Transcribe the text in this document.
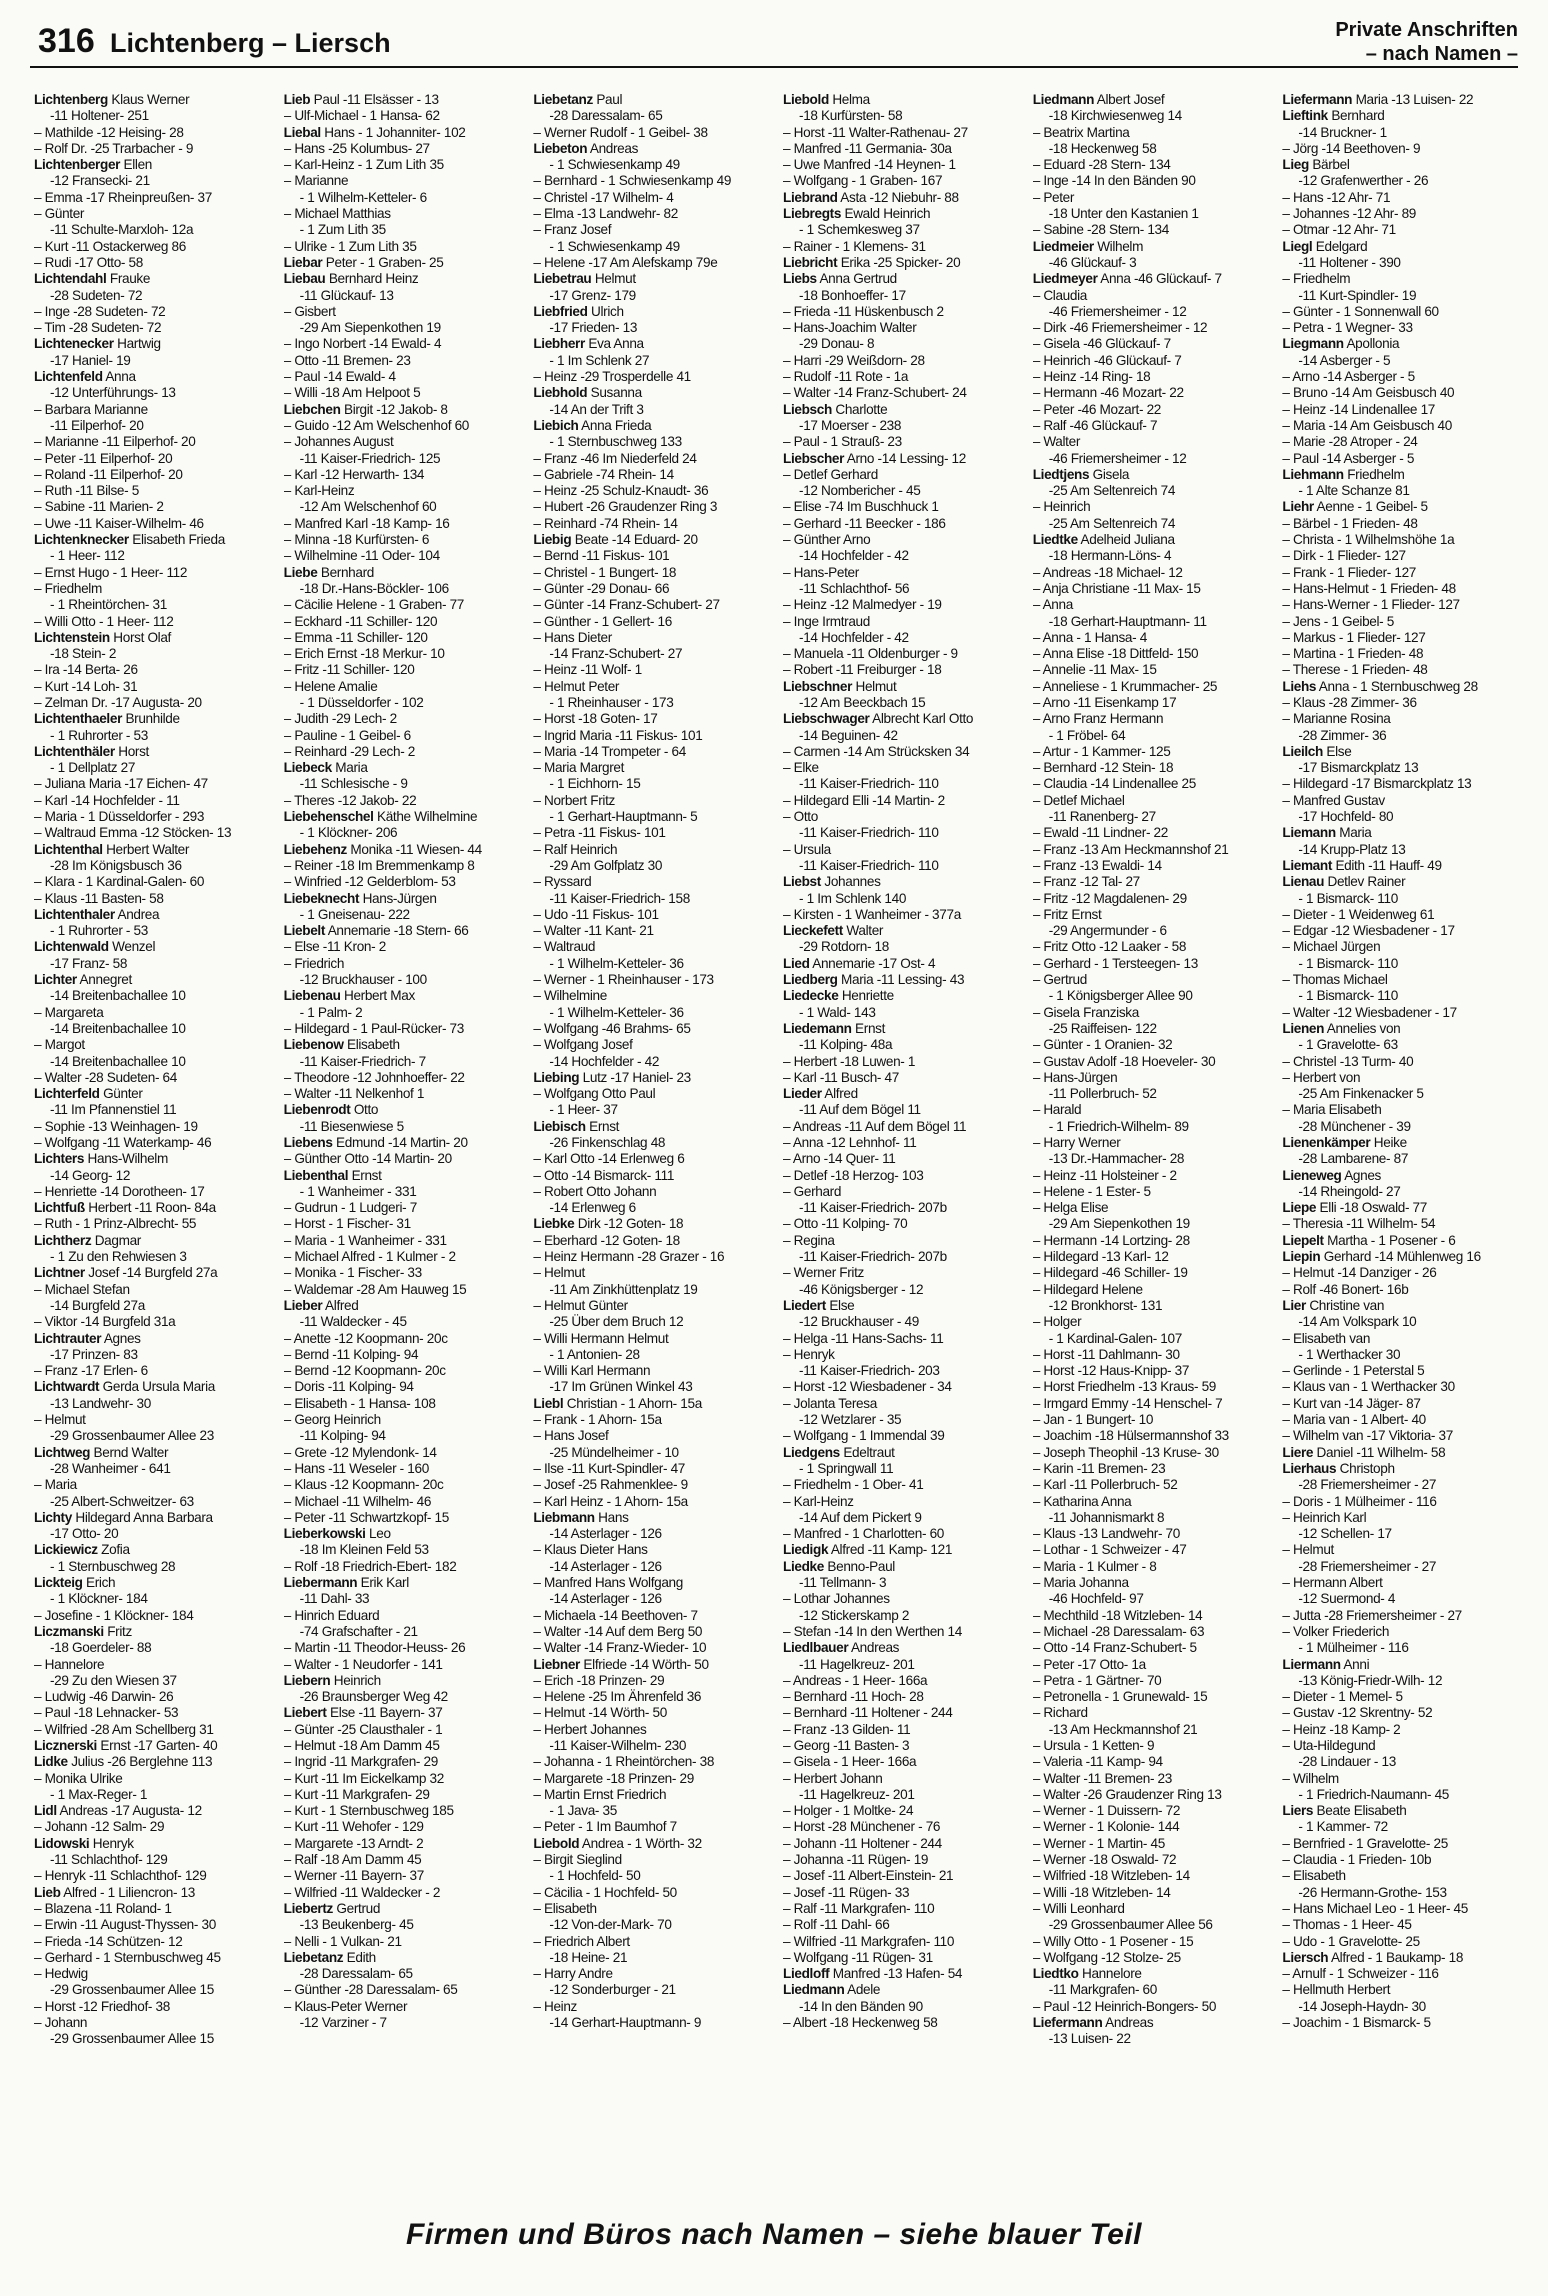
316 Lichtenberg – Liersch	Private Anschriften
– nach Namen –
Lichtenberg Klaus Werner
-11 Holtener- 251
– Mathilde -12 Heising- 28
– Rolf Dr. -25 Trarbacher - 9
Lichtenberger Ellen
-12 Fransecki- 21
– Emma -17 Rheinpreußen- 37
– Günter
-11 Schulte-Marxloh- 12a
– Kurt -11 Ostackerweg 86
– Rudi -17 Otto- 58
Lichtendahl Frauke
-28 Sudeten- 72
– Inge -28 Sudeten- 72
– Tim -28 Sudeten- 72
Lichtenecker Hartwig
-17 Haniel- 19
Lichtenfeld Anna
-12 Unterführungs- 13
– Barbara Marianne
-11 Eilperhof- 20
– Marianne -11 Eilperhof- 20
– Peter -11 Eilperhof- 20
– Roland -11 Eilperhof- 20
– Ruth -11 Bilse- 5
– Sabine -11 Marien- 2
– Uwe -11 Kaiser-Wilhelm- 46
Lichtenknecker Elisabeth Frieda
- 1 Heer- 112
– Ernst Hugo - 1 Heer- 112
– Friedhelm
- 1 Rheintörchen- 31
– Willi Otto - 1 Heer- 112
Lichtenstein Horst Olaf
-18 Stein- 2
– Ira -14 Berta- 26
– Kurt -14 Loh- 31
– Zelman Dr. -17 Augusta- 20
Lichtenthaeler Brunhilde
- 1 Ruhrorter - 53
Lichtenthäler Horst
- 1 Dellplatz 27
– Juliana Maria -17 Eichen- 47
– Karl -14 Hochfelder - 11
– Maria - 1 Düsseldorfer - 293
– Waltraud Emma -12 Stöcken- 13
Lichtenthal Herbert Walter
-28 Im Königsbusch 36
– Klara - 1 Kardinal-Galen- 60
– Klaus -11 Basten- 58
Lichtenthaler Andrea
- 1 Ruhrorter - 53
Lichtenwald Wenzel
-17 Franz- 58
Lichter Annegret
-14 Breitenbachallee 10
– Margareta
-14 Breitenbachallee 10
– Margot
-14 Breitenbachallee 10
– Walter -28 Sudeten- 64
Lichterfeld Günter
-11 Im Pfannenstiel 11
– Sophie -13 Weinhagen- 19
– Wolfgang -11 Waterkamp- 46
Lichters Hans-Wilhelm
-14 Georg- 12
– Henriette -14 Dorotheen- 17
Lichtfuß Herbert -11 Roon- 84a
– Ruth - 1 Prinz-Albrecht- 55
Lichtherz Dagmar
- 1 Zu den Rehwiesen 3
Lichtner Josef -14 Burgfeld 27a
– Michael Stefan
-14 Burgfeld 27a
– Viktor -14 Burgfeld 31a
Lichtrauter Agnes
-17 Prinzen- 83
– Franz -17 Erlen- 6
Lichtwardt Gerda Ursula Maria
-13 Landwehr- 30
– Helmut
-29 Grossenbaumer Allee 23
Lichtweg Bernd Walter
-28 Wanheimer - 641
– Maria
-25 Albert-Schweitzer- 63
Lichty Hildegard Anna Barbara
-17 Otto- 20
Lickiewicz Zofia
- 1 Sternbuschweg 28
Lickteig Erich
- 1 Klöckner- 184
– Josefine - 1 Klöckner- 184
Liczmanski Fritz
-18 Goerdeler- 88
– Hannelore
-29 Zu den Wiesen 37
– Ludwig -46 Darwin- 26
– Paul -18 Lehnacker- 53
– Wilfried -28 Am Schellberg 31
Licznerski Ernst -17 Garten- 40
Lidke Julius -26 Berglehne 113
– Monika Ulrike
- 1 Max-Reger- 1
Lidl Andreas -17 Augusta- 12
– Johann -12 Salm- 29
Lidowski Henryk
-11 Schlachthof- 129
– Henryk -11 Schlachthof- 129
Lieb Alfred - 1 Liliencron- 13
– Blazena -11 Roland- 1
– Erwin -11 August-Thyssen- 30
– Frieda -14 Schützen- 12
– Gerhard - 1 Sternbuschweg 45
– Hedwig
-29 Grossenbaumer Allee 15
– Horst -12 Friedhof- 38
– Johann
-29 Grossenbaumer Allee 15
Lieb Paul -11 Elsässer - 13
– Ulf-Michael - 1 Hansa- 62
Liebal Hans - 1 Johanniter- 102
– Hans -25 Kolumbus- 27
– Karl-Heinz - 1 Zum Lith 35
– Marianne
- 1 Wilhelm-Ketteler- 6
– Michael Matthias
- 1 Zum Lith 35
– Ulrike - 1 Zum Lith 35
Liebar Peter - 1 Graben- 25
Liebau Bernhard Heinz
-11 Glückauf- 13
– Gisbert
-29 Am Siepenkothen 19
– Ingo Norbert -14 Ewald- 4
– Otto -11 Bremen- 23
– Paul -14 Ewald- 4
– Willi -18 Am Helpoot 5
Liebchen Birgit -12 Jakob- 8
– Guido -12 Am Welschenhof 60
– Johannes August
-11 Kaiser-Friedrich- 125
– Karl -12 Herwarth- 134
– Karl-Heinz
-12 Am Welschenhof 60
– Manfred Karl -18 Kamp- 16
– Minna -18 Kurfürsten- 6
– Wilhelmine -11 Oder- 104
Liebe Bernhard
-18 Dr.-Hans-Böckler- 106
– Cäcilie Helene - 1 Graben- 77
– Eckhard -11 Schiller- 120
– Emma -11 Schiller- 120
– Erich Ernst -18 Merkur- 10
– Fritz -11 Schiller- 120
– Helene Amalie
- 1 Düsseldorfer - 102
– Judith -29 Lech- 2
– Pauline - 1 Geibel- 6
– Reinhard -29 Lech- 2
Liebeck Maria
-11 Schlesische - 9
– Theres -12 Jakob- 22
Liebehenschel Käthe Wilhelmine
- 1 Klöckner- 206
Liebehenz Monika -11 Wiesen- 44
– Reiner -18 Im Bremmenkamp 8
– Winfried -12 Gelderblom- 53
Liebeknecht Hans-Jürgen
- 1 Gneisenau- 222
Liebelt Annemarie -18 Stern- 66
– Else -11 Kron- 2
– Friedrich
-12 Bruckhauser - 100
Liebenau Herbert Max
- 1 Palm- 2
– Hildegard - 1 Paul-Rücker- 73
Liebenow Elisabeth
-11 Kaiser-Friedrich- 7
– Theodore -12 Johnhoeffer- 22
– Walter -11 Nelkenhof 1
Liebenrodt Otto
-11 Biesenwiese 5
Liebens Edmund -14 Martin- 20
– Günther Otto -14 Martin- 20
Liebenthal Ernst
- 1 Wanheimer - 331
– Gudrun - 1 Ludgeri- 7
– Horst - 1 Fischer- 31
– Maria - 1 Wanheimer - 331
– Michael Alfred - 1 Kulmer - 2
– Monika - 1 Fischer- 33
– Waldemar -28 Am Hauweg 15
Lieber Alfred
-11 Waldecker - 45
– Anette -12 Koopmann- 20c
– Bernd -11 Kolping- 94
– Bernd -12 Koopmann- 20c
– Doris -11 Kolping- 94
– Elisabeth - 1 Hansa- 108
– Georg Heinrich
-11 Kolping- 94
– Grete -12 Mylendonk- 14
– Hans -11 Weseler - 160
– Klaus -12 Koopmann- 20c
– Michael -11 Wilhelm- 46
– Peter -11 Schwartzkopf- 15
Lieberkowski Leo
-18 Im Kleinen Feld 53
– Rolf -18 Friedrich-Ebert- 182
Liebermann Erik Karl
-11 Dahl- 33
– Hinrich Eduard
-74 Grafschafter - 21
– Martin -11 Theodor-Heuss- 26
– Walter - 1 Neudorfer - 141
Liebern Heinrich
-26 Braunsberger Weg 42
Liebert Else -11 Bayern- 37
– Günter -25 Clausthaler - 1
– Helmut -18 Am Damm 45
– Ingrid -11 Markgrafen- 29
– Kurt -11 Im Eickelkamp 32
– Kurt -11 Markgrafen- 29
– Kurt - 1 Sternbuschweg 185
– Kurt -11 Wehofer - 129
– Margarete -13 Arndt- 2
– Ralf -18 Am Damm 45
– Werner -11 Bayern- 37
– Wilfried -11 Waldecker - 2
Liebertz Gertrud
-13 Beukenberg- 45
– Nelli - 1 Vulkan- 21
Liebetanz Edith
-28 Daressalam- 65
– Günther -28 Daressalam- 65
– Klaus-Peter Werner
-12 Varziner - 7
Liebetanz Paul
-28 Daressalam- 65
– Werner Rudolf - 1 Geibel- 38
Liebeton Andreas
- 1 Schwiesenkamp 49
– Bernhard - 1 Schwiesenkamp 49
– Christel -17 Wilhelm- 4
– Elma -13 Landwehr- 82
– Franz Josef
- 1 Schwiesenkamp 49
– Helene -17 Am Alefskamp 79e
Liebetrau Helmut
-17 Grenz- 179
Liebfried Ulrich
-17 Frieden- 13
Liebherr Eva Anna
- 1 Im Schlenk 27
– Heinz -29 Trosperdelle 41
Liebhold Susanna
-14 An der Trift 3
Liebich Anna Frieda
- 1 Sternbuschweg 133
– Franz -46 Im Niederfeld 24
– Gabriele -74 Rhein- 14
– Heinz -25 Schulz-Knaudt- 36
– Hubert -26 Graudenzer Ring 3
– Reinhard -74 Rhein- 14
Liebig Beate -14 Eduard- 20
– Bernd -11 Fiskus- 101
– Christel - 1 Bungert- 18
– Günter -29 Donau- 66
– Günter -14 Franz-Schubert- 27
– Günther - 1 Gellert- 16
– Hans Dieter
-14 Franz-Schubert- 27
– Heinz -11 Wolf- 1
– Helmut Peter
- 1 Rheinhauser - 173
– Horst -18 Goten- 17
– Ingrid Maria -11 Fiskus- 101
– Maria -14 Trompeter - 64
– Maria Margret
- 1 Eichhorn- 15
– Norbert Fritz
- 1 Gerhart-Hauptmann- 5
– Petra -11 Fiskus- 101
– Ralf Heinrich
-29 Am Golfplatz 30
– Ryssard
-11 Kaiser-Friedrich- 158
– Udo -11 Fiskus- 101
– Walter -11 Kant- 21
– Waltraud
- 1 Wilhelm-Ketteler- 36
– Werner - 1 Rheinhauser - 173
– Wilhelmine
- 1 Wilhelm-Ketteler- 36
– Wolfgang -46 Brahms- 65
– Wolfgang Josef
-14 Hochfelder - 42
Liebing Lutz -17 Haniel- 23
– Wolfgang Otto Paul
- 1 Heer- 37
Liebisch Ernst
-26 Finkenschlag 48
– Karl Otto -14 Erlenweg 6
– Otto -14 Bismarck- 111
– Robert Otto Johann
-14 Erlenweg 6
Liebke Dirk -12 Goten- 18
– Eberhard -12 Goten- 18
– Heinz Hermann -28 Grazer - 16
– Helmut
-11 Am Zinkhüttenplatz 19
– Helmut Günter
-25 Über dem Bruch 12
– Willi Hermann Helmut
- 1 Antonien- 28
– Willi Karl Hermann
-17 Im Grünen Winkel 43
Liebl Christian - 1 Ahorn- 15a
– Frank - 1 Ahorn- 15a
– Hans Josef
-25 Mündelheimer - 10
– Ilse -11 Kurt-Spindler- 47
– Josef -25 Rahmenklee- 9
– Karl Heinz - 1 Ahorn- 15a
Liebmann Hans
-14 Asterlager - 126
– Klaus Dieter Hans
-14 Asterlager - 126
– Manfred Hans Wolfgang
-14 Asterlager - 126
– Michaela -14 Beethoven- 7
– Walter -14 Auf dem Berg 50
– Walter -14 Franz-Wieder- 10
Liebner Elfriede -14 Wörth- 50
– Erich -18 Prinzen- 29
– Helene -25 Im Ährenfeld 36
– Helmut -14 Wörth- 50
– Herbert Johannes
-11 Kaiser-Wilhelm- 230
– Johanna - 1 Rheintörchen- 38
– Margarete -18 Prinzen- 29
– Martin Ernst Friedrich
- 1 Java- 35
– Peter - 1 Im Baumhof 7
Liebold Andrea - 1 Wörth- 32
– Birgit Sieglind
- 1 Hochfeld- 50
– Cäcilia - 1 Hochfeld- 50
– Elisabeth
-12 Von-der-Mark- 70
– Friedrich Albert
-18 Heine- 21
– Harry Andre
-12 Sonderburger - 21
– Heinz
-14 Gerhart-Hauptmann- 9
Liebold Helma
-18 Kurfürsten- 58
– Horst -11 Walter-Rathenau- 27
– Manfred -11 Germania- 30a
– Uwe Manfred -14 Heynen- 1
– Wolfgang - 1 Graben- 167
Liebrand Asta -12 Niebuhr- 88
Liebregts Ewald Heinrich
- 1 Schemkesweg 37
– Rainer - 1 Klemens- 31
Liebricht Erika -25 Spicker- 20
Liebs Anna Gertrud
-18 Bonhoeffer- 17
– Frieda -11 Hüskenbusch 2
– Hans-Joachim Walter
-29 Donau- 8
– Harri -29 Weißdorn- 28
– Rudolf -11 Rote - 1a
– Walter -14 Franz-Schubert- 24
Liebsch Charlotte
-17 Moerser - 238
– Paul - 1 Strauß- 23
Liebscher Arno -14 Lessing- 12
– Detlef Gerhard
-12 Nombericher - 45
– Elise -74 Im Buschhuck 1
– Gerhard -11 Beecker - 186
– Günther Arno
-14 Hochfelder - 42
– Hans-Peter
-11 Schlachthof- 56
– Heinz -12 Malmedyer - 19
– Inge Irmtraud
-14 Hochfelder - 42
– Manuela -11 Oldenburger - 9
– Robert -11 Freiburger - 18
Liebschner Helmut
-12 Am Beeckbach 15
Liebschwager Albrecht Karl Otto
-14 Beguinen- 42
– Carmen -14 Am Strücksken 34
– Elke
-11 Kaiser-Friedrich- 110
– Hildegard Elli -14 Martin- 2
– Otto
-11 Kaiser-Friedrich- 110
– Ursula
-11 Kaiser-Friedrich- 110
Liebst Johannes
- 1 Im Schlenk 140
– Kirsten - 1 Wanheimer - 377a
Lieckefett Walter
-29 Rotdorn- 18
Lied Annemarie -17 Ost- 4
Liedberg Maria -11 Lessing- 43
Liedecke Henriette
- 1 Wald- 143
Liedemann Ernst
-11 Kolping- 48a
– Herbert -18 Luwen- 1
– Karl -11 Busch- 47
Lieder Alfred
-11 Auf dem Bögel 11
– Andreas -11 Auf dem Bögel 11
– Anna -12 Lehnhof- 11
– Arno -14 Quer- 11
– Detlef -18 Herzog- 103
– Gerhard
-11 Kaiser-Friedrich- 207b
– Otto -11 Kolping- 70
– Regina
-11 Kaiser-Friedrich- 207b
– Werner Fritz
-46 Königsberger - 12
Liedert Else
-12 Bruckhauser - 49
– Helga -11 Hans-Sachs- 11
– Henryk
-11 Kaiser-Friedrich- 203
– Horst -12 Wiesbadener - 34
– Jolanta Teresa
-12 Wetzlarer - 35
– Wolfgang - 1 Immendal 39
Liedgens Edeltraut
- 1 Springwall 11
– Friedhelm - 1 Ober- 41
– Karl-Heinz
-14 Auf dem Pickert 9
– Manfred - 1 Charlotten- 60
Liedigk Alfred -11 Kamp- 121
Liedke Benno-Paul
-11 Tellmann- 3
– Lothar Johannes
-12 Stickerskamp 2
– Stefan -14 In den Werthen 14
Liedlbauer Andreas
-11 Hagelkreuz- 201
– Andreas - 1 Heer- 166a
– Bernhard -11 Hoch- 28
– Bernhard -11 Holtener - 244
– Franz -13 Gilden- 11
– Georg -11 Basten- 3
– Gisela - 1 Heer- 166a
– Herbert Johann
-11 Hagelkreuz- 201
– Holger - 1 Moltke- 24
– Horst -28 Münchener - 76
– Johann -11 Holtener - 244
– Johanna -11 Rügen- 19
– Josef -11 Albert-Einstein- 21
– Josef -11 Rügen- 33
– Ralf -11 Markgrafen- 110
– Rolf -11 Dahl- 66
– Wilfried -11 Markgrafen- 110
– Wolfgang -11 Rügen- 31
Liedloff Manfred -13 Hafen- 54
Liedmann Adele
-14 In den Bänden 90
– Albert -18 Heckenweg 58
Liedmann Albert Josef
-18 Kirchwiesenweg 14
– Beatrix Martina
-18 Heckenweg 58
– Eduard -28 Stern- 134
– Inge -14 In den Bänden 90
– Peter
-18 Unter den Kastanien 1
– Sabine -28 Stern- 134
Liedmeier Wilhelm
-46 Glückauf- 3
Liedmeyer Anna -46 Glückauf- 7
– Claudia
-46 Friemersheimer - 12
– Dirk -46 Friemersheimer - 12
– Gisela -46 Glückauf- 7
– Heinrich -46 Glückauf- 7
– Heinz -14 Ring- 18
– Hermann -46 Mozart- 22
– Peter -46 Mozart- 22
– Ralf -46 Glückauf- 7
– Walter
-46 Friemersheimer - 12
Liedtjens Gisela
-25 Am Seltenreich 74
– Heinrich
-25 Am Seltenreich 74
Liedtke Adelheid Juliana
-18 Hermann-Löns- 4
– Andreas -18 Michael- 12
– Anja Christiane -11 Max- 15
– Anna
-18 Gerhart-Hauptmann- 11
– Anna - 1 Hansa- 4
– Anna Elise -18 Dittfeld- 150
– Annelie -11 Max- 15
– Anneliese - 1 Krummacher- 25
– Arno -11 Eisenkamp 17
– Arno Franz Hermann
- 1 Fröbel- 64
– Artur - 1 Kammer- 125
– Bernhard -12 Stein- 18
– Claudia -14 Lindenallee 25
– Detlef Michael
-11 Ranenberg- 27
– Ewald -11 Lindner- 22
– Franz -13 Am Heckmannshof 21
– Franz -13 Ewaldi- 14
– Franz -12 Tal- 27
– Fritz -12 Magdalenen- 29
– Fritz Ernst
-29 Angermunder - 6
– Fritz Otto -12 Laaker - 58
– Gerhard - 1 Tersteegen- 13
– Gertrud
- 1 Königsberger Allee 90
– Gisela Franziska
-25 Raiffeisen- 122
– Günter - 1 Oranien- 32
– Gustav Adolf -18 Hoeveler- 30
– Hans-Jürgen
-11 Pollerbruch- 52
– Harald
- 1 Friedrich-Wilhelm- 89
– Harry Werner
-13 Dr.-Hammacher- 28
– Heinz -11 Holsteiner - 2
– Helene - 1 Ester- 5
– Helga Elise
-29 Am Siepenkothen 19
– Hermann -14 Lortzing- 28
– Hildegard -13 Karl- 12
– Hildegard -46 Schiller- 19
– Hildegard Helene
-12 Bronkhorst- 131
– Holger
- 1 Kardinal-Galen- 107
– Horst -11 Dahlmann- 30
– Horst -12 Haus-Knipp- 37
– Horst Friedhelm -13 Kraus- 59
– Irmgard Emmy -14 Henschel- 7
– Jan - 1 Bungert- 10
– Joachim -18 Hülsermannshof 33
– Joseph Theophil -13 Kruse- 30
– Karin -11 Bremen- 23
– Karl -11 Pollerbruch- 52
– Katharina Anna
-11 Johannismarkt 8
– Klaus -13 Landwehr- 70
– Lothar - 1 Schweizer - 47
– Maria - 1 Kulmer - 8
– Maria Johanna
-46 Hochfeld- 97
– Mechthild -18 Witzleben- 14
– Michael -28 Daressalam- 63
– Otto -14 Franz-Schubert- 5
– Peter -17 Otto- 1a
– Petra - 1 Gärtner- 70
– Petronella - 1 Grunewald- 15
– Richard
-13 Am Heckmannshof 21
– Ursula - 1 Ketten- 9
– Valeria -11 Kamp- 94
– Walter -11 Bremen- 23
– Walter -26 Graudenzer Ring 13
– Werner - 1 Duissern- 72
– Werner - 1 Kolonie- 144
– Werner - 1 Martin- 45
– Werner -18 Oswald- 72
– Wilfried -18 Witzleben- 14
– Willi -18 Witzleben- 14
– Willi Leonhard
-29 Grossenbaumer Allee 56
– Willy Otto - 1 Posener - 15
– Wolfgang -12 Stolze- 25
Liedtko Hannelore
-11 Markgrafen- 60
– Paul -12 Heinrich-Bongers- 50
Liefermann Andreas
-13 Luisen- 22
Liefermann Maria -13 Luisen- 22
Lieftink Bernhard
-14 Bruckner- 1
– Jörg -14 Beethoven- 9
Lieg Bärbel
-12 Grafenwerther - 26
– Hans -12 Ahr- 71
– Johannes -12 Ahr- 89
– Otmar -12 Ahr- 71
Liegl Edelgard
-11 Holtener - 390
– Friedhelm
-11 Kurt-Spindler- 19
– Günter - 1 Sonnenwall 60
– Petra - 1 Wegner- 33
Liegmann Apollonia
-14 Asberger - 5
– Arno -14 Asberger - 5
– Bruno -14 Am Geisbusch 40
– Heinz -14 Lindenallee 17
– Maria -14 Am Geisbusch 40
– Marie -28 Atroper - 24
– Paul -14 Asberger - 5
Liehmann Friedhelm
- 1 Alte Schanze 81
Liehr Aenne - 1 Geibel- 5
– Bärbel - 1 Frieden- 48
– Christa - 1 Wilhelmshöhe 1a
– Dirk - 1 Flieder- 127
– Frank - 1 Flieder- 127
– Hans-Helmut - 1 Frieden- 48
– Hans-Werner - 1 Flieder- 127
– Jens - 1 Geibel- 5
– Markus - 1 Flieder- 127
– Martina - 1 Frieden- 48
– Therese - 1 Frieden- 48
Liehs Anna - 1 Sternbuschweg 28
– Klaus -28 Zimmer- 36
– Marianne Rosina
-28 Zimmer- 36
Lieilch Else
-17 Bismarckplatz 13
– Hildegard -17 Bismarckplatz 13
– Manfred Gustav
-17 Hochfeld- 80
Liemann Maria
-14 Krupp-Platz 13
Liemant Edith -11 Hauff- 49
Lienau Detlev Rainer
- 1 Bismarck- 110
– Dieter - 1 Weidenweg 61
– Edgar -12 Wiesbadener - 17
– Michael Jürgen
- 1 Bismarck- 110
– Thomas Michael
- 1 Bismarck- 110
– Walter -12 Wiesbadener - 17
Lienen Annelies von
- 1 Gravelotte- 63
– Christel -13 Turm- 40
– Herbert von
-25 Am Finkenacker 5
– Maria Elisabeth
-28 Münchener - 39
Lienenkämper Heike
-28 Lambarene- 87
Lieneweg Agnes
-14 Rheingold- 27
Liepe Elli -18 Oswald- 77
– Theresia -11 Wilhelm- 54
Liepelt Martha - 1 Posener - 6
Liepin Gerhard -14 Mühlenweg 16
– Helmut -14 Danziger - 26
– Rolf -46 Bonert- 16b
Lier Christine van
-14 Am Volkspark 10
– Elisabeth van
- 1 Werthacker 30
– Gerlinde - 1 Peterstal 5
– Klaus van - 1 Werthacker 30
– Kurt van -14 Jäger- 87
– Maria van - 1 Albert- 40
– Wilhelm van -17 Viktoria- 37
Liere Daniel -11 Wilhelm- 58
Lierhaus Christoph
-28 Friemersheimer - 27
– Doris - 1 Mülheimer - 116
– Heinrich Karl
-12 Schellen- 17
– Helmut
-28 Friemersheimer - 27
– Hermann Albert
-12 Suermond- 4
– Jutta -28 Friemersheimer - 27
– Volker Friederich
- 1 Mülheimer - 116
Liermann Anni
-13 König-Friedr-Wilh- 12
– Dieter - 1 Memel- 5
– Gustav -12 Skrentny- 52
– Heinz -18 Kamp- 2
– Uta-Hildegund
-28 Lindauer - 13
– Wilhelm
- 1 Friedrich-Naumann- 45
Liers Beate Elisabeth
- 1 Kammer- 72
– Bernfried - 1 Gravelotte- 25
– Claudia - 1 Frieden- 10b
– Elisabeth
-26 Hermann-Grothe- 153
– Hans Michael Leo - 1 Heer- 45
– Thomas - 1 Heer- 45
– Udo - 1 Gravelotte- 25
Liersch Alfred - 1 Baukamp- 18
– Arnulf - 1 Schweizer - 116
– Hellmuth Herbert
-14 Joseph-Haydn- 30
– Joachim - 1 Bismarck- 5
Firmen und Büros nach Namen – siehe blauer Teil
